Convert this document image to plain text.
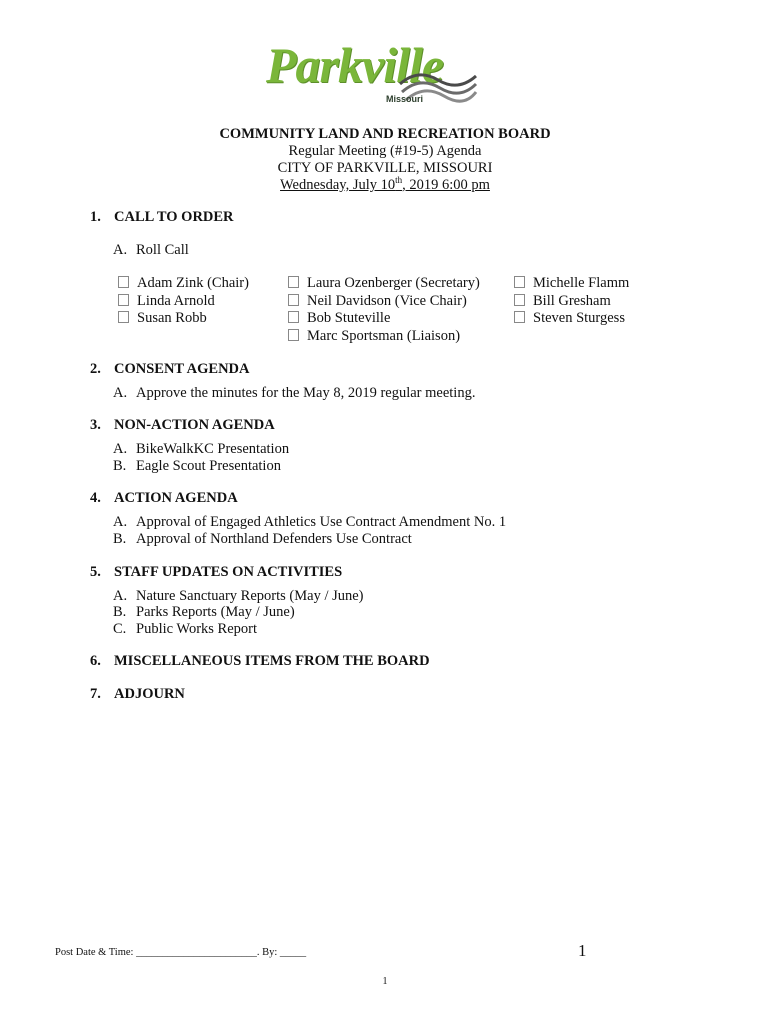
Parkville
Missouri
COMMUNITY LAND AND RECREATION BOARD
Regular Meeting (#19-5) Agenda
CITY OF PARKVILLE, MISSOURI
Wednesday, July 10th, 2019 6:00 pm
1. CALL TO ORDER
A. Roll Call
Adam Zink (Chair)
Linda Arnold
Susan Robb
Laura Ozenberger (Secretary)
Neil Davidson (Vice Chair)
Bob Stuteville
Marc Sportsman (Liaison)
Michelle Flamm
Bill Gresham
Steven Sturgess
2. CONSENT AGENDA
A. Approve the minutes for the May 8, 2019 regular meeting.
3. NON-ACTION AGENDA
A. BikeWalkKC Presentation
B. Eagle Scout Presentation
4. ACTION AGENDA
A. Approval of Engaged Athletics Use Contract Amendment No. 1
B. Approval of Northland Defenders Use Contract
5. STAFF UPDATES ON ACTIVITIES
A. Nature Sanctuary Reports (May / June)
B. Parks Reports (May / June)
C. Public Works Report
6. MISCELLANEOUS ITEMS FROM THE BOARD
7. ADJOURN
Post Date & Time: _______________________. By: _____	1
1
